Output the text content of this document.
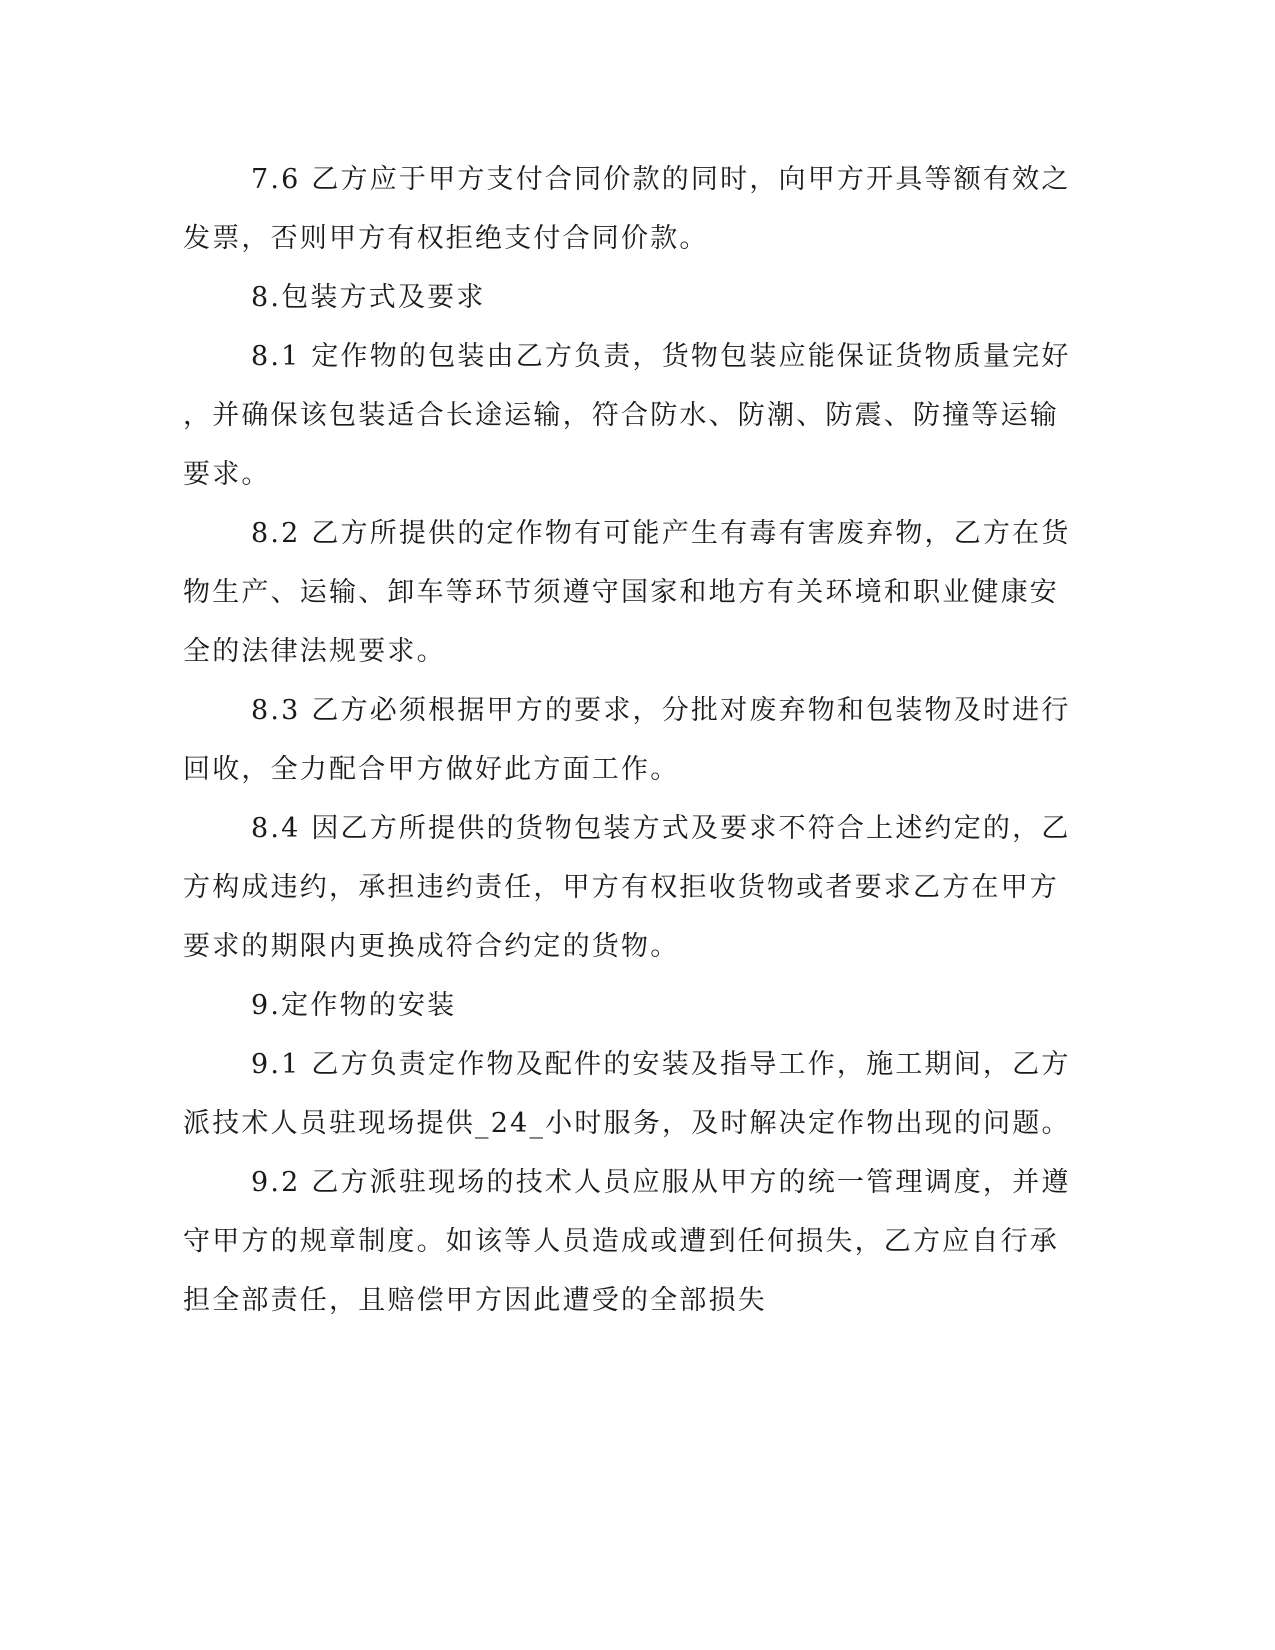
7.6 乙方应于甲方支付合同价款的同时，向甲方开具等额有效之
发票，否则甲方有权拒绝支付合同价款。
8.包装方式及要求
8.1 定作物的包装由乙方负责，货物包装应能保证货物质量完好
，并确保该包装适合长途运输，符合防水、防潮、防震、防撞等运输
要求。
8.2 乙方所提供的定作物有可能产生有毒有害废弃物，乙方在货
物生产、运输、卸车等环节须遵守国家和地方有关环境和职业健康安
全的法律法规要求。
8.3 乙方必须根据甲方的要求，分批对废弃物和包装物及时进行
回收，全力配合甲方做好此方面工作。
8.4 因乙方所提供的货物包装方式及要求不符合上述约定的，乙
方构成违约，承担违约责任，甲方有权拒收货物或者要求乙方在甲方
要求的期限内更换成符合约定的货物。
9.定作物的安装
9.1 乙方负责定作物及配件的安装及指导工作，施工期间，乙方
派技术人员驻现场提供_24_小时服务，及时解决定作物出现的问题。
9.2 乙方派驻现场的技术人员应服从甲方的统一管理调度，并遵
守甲方的规章制度。如该等人员造成或遭到任何损失，乙方应自行承
担全部责任，且赔偿甲方因此遭受的全部损失
